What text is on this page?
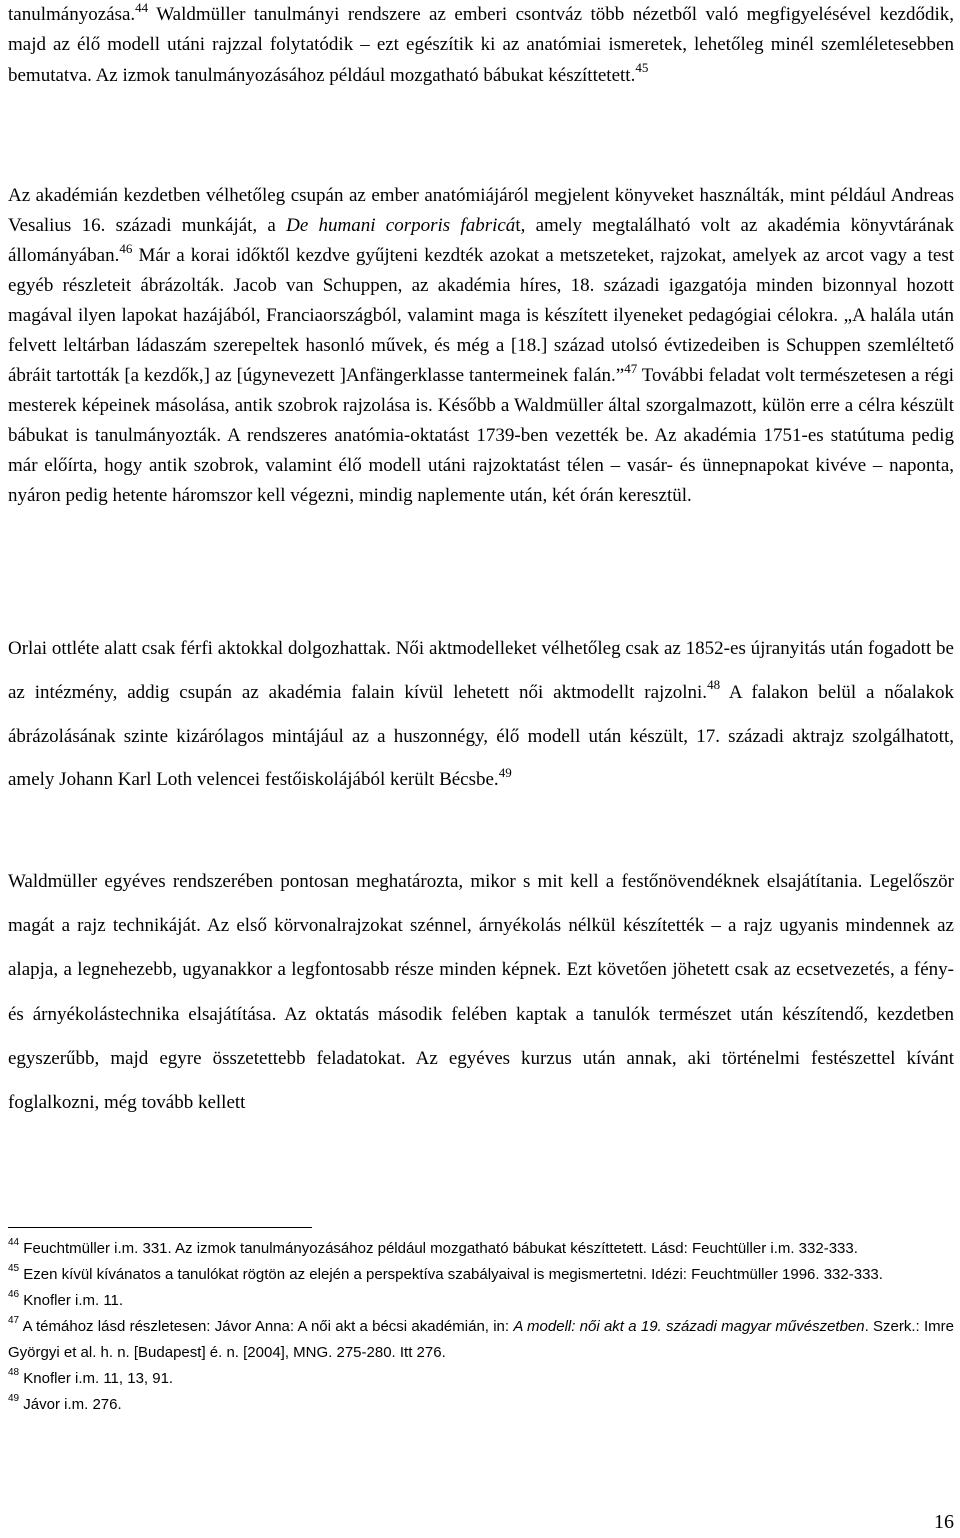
tanulmányozása.$^{44}$ Waldmüller tanulmányi rendszere az emberi csontváz több nézetből való megfigyelésével kezdődik, majd az élő modell utáni rajzzal folytatódik – ezt egészítik ki az anatómiai ismeretek, lehetőleg minél szemléletesebben bemutatva. Az izmok tanulmányozásához például mozgatható bábukat készíttetett.$^{45}$

Az akadémián kezdetben vélhetőleg csupán az ember anatómiájáról megjelent könyveket használták, mint például Andreas Vesalius 16. századi munkáját, a De humani corporis fabricát, amely megtalálható volt az akadémia könyvtárának állományában.$^{46}$ Már a korai időktől kezdve gyűjteni kezdték azokat a metszeteket, rajzokat, amelyek az arcot vagy a test egyéb részleteit ábrázolták. Jacob van Schuppen, az akadémia híres, 18. századi igazgatója minden bizonnyal hozott magával ilyen lapokat hazájából, Franciaországból, valamint maga is készített ilyeneket pedagógiai célokra. „A halála után felvett leltárban ládaszám szerepeltek hasonló művek, és még a [18.] század utolsó évtizedeiben is Schuppen szemléltető ábráit tartották [a kezdők,] az [úgynevezett ]Anfängerklasse tantermeinek falán.”$^{47}$ További feladat volt természetesen a régi mesterek képeinek másolása, antik szobrok rajzolása is. Később a Waldmüller által szorgalmazott, külön erre a célra készült bábukat is tanulmányozták. A rendszeres anatómia-oktatást 1739-ben vezették be. Az akadémia 1751-es statútuma pedig már előírta, hogy antik szobrok, valamint élő modell utáni rajzoktatást télen – vasár- és ünnepnapokat kivéve – naponta, nyáron pedig hetente háromszor kell végezni, mindig naplemente után, két órán keresztül.

Orlai ottléte alatt csak férfi aktokkal dolgozhattak. Női aktmodelleket vélhetőleg csak az 1852-es újranyitás után fogadott be az intézmény, addig csupán az akadémia falain kívül lehetett női aktmodellt rajzolni.$^{48}$ A falakon belül a nőalakok ábrázolásának szinte kizárólagos mintájául az a huszonnégy, élő modell után készült, 17. századi aktrajz szolgálhatott, amely Johann Karl Loth velencei festőiskolájából került Bécsbe.$^{49}$

Waldmüller egyéves rendszerében pontosan meghatározta, mikor s mit kell a festőnövendéknek elsajátítania. Legelőször magát a rajz technikáját. Az első körvonalrajzokat szénnel, árnyékolás nélkül készítették – a rajz ugyanis mindennek az alapja, a legnehezebb, ugyanakkor a legfontosabb része minden képnek. Ezt követően jöhetett csak az ecsetvezetés, a fény- és árnyékolástechnika elsajátítása. Az oktatás második felében kaptak a tanulók természet után készítendő, kezdetben egyszerűbb, majd egyre összetettebb feladatokat. Az egyéves kurzus után annak, aki történelmi festészettel kívánt foglalkozni, még tovább kellett

$^{44}$ Feuchtmüller i.m. 331. Az izmok tanulmányozásához például mozgatható bábukat készíttetett. Lásd: Feuchtüller i.m. 332-333.

$^{45}$ Ezen kívül kívánatos a tanulókat rögtön az elején a perspektíva szabályaival is megismertetni. Idézi: Feuchtmüller 1996. 332-333.

$^{46}$ Knofler i.m. 11.

$^{47}$ A témához lásd részletesen: Jávor Anna: A női akt a bécsi akadémián, in: A modell: női akt a 19. századi magyar művészetben. Szerk.: Imre Györgyi et al. h. n. [Budapest] é. n. [2004], MNG. 275-280. Itt 276.

$^{48}$ Knofler i.m. 11, 13, 91.

$^{49}$ Jávor i.m. 276.

16
